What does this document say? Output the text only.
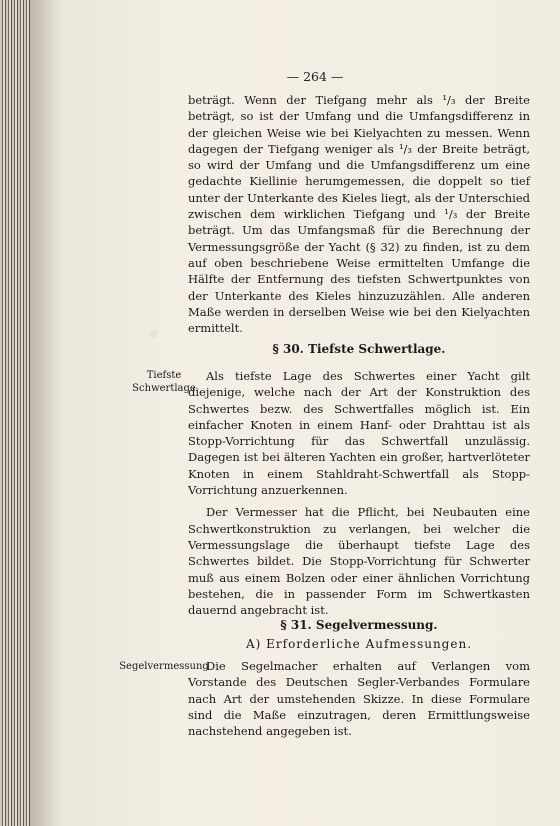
— 264 —

beträgt. Wenn der Tiefgang mehr als ¹/₃ der Breite beträgt, so ist der Umfang und die Umfangsdifferenz in der gleichen Weise wie bei Kielyachten zu messen. Wenn dagegen der Tiefgang weniger als ¹/₃ der Breite beträgt, so wird der Umfang und die Umfangsdifferenz um eine gedachte Kiellinie herumgemessen, die doppelt so tief unter der Unterkante des Kieles liegt, als der Unterschied zwischen dem wirklichen Tiefgang und ¹/₃ der Breite beträgt. Um das Umfangsmaß für die Berechnung der Vermessungsgröße der Yacht (§ 32) zu finden, ist zu dem auf oben beschriebene Weise ermittelten Umfange die Hälfte der Entfernung des tiefsten Schwertpunktes von der Unterkante des Kieles hinzuzuzählen. Alle anderen Maße werden in derselben Weise wie bei den Kielyachten ermittelt.

§ 30. Tiefste Schwertlage.
Tiefste Schwertlage

Als tiefste Lage des Schwertes einer Yacht gilt diejenige, welche nach der Art der Konstruktion des Schwertes bezw. des Schwertfalles möglich ist. Ein einfacher Knoten in einem Hanf- oder Drahttau ist als Stopp-Vorrichtung für das Schwertfall unzulässig. Dagegen ist bei älteren Yachten ein großer, hartverlöteter Knoten in einem Stahldraht-Schwertfall als Stopp-Vorrichtung anzuerkennen.

Der Vermesser hat die Pflicht, bei Neubauten eine Schwertkonstruktion zu verlangen, bei welcher die Vermessungslage die überhaupt tiefste Lage des Schwertes bildet. Die Stopp-Vorrichtung für Schwerter muß aus einem Bolzen oder einer ähnlichen Vorrichtung bestehen, die in passender Form im Schwertkasten dauernd angebracht ist.

§ 31. Segelvermessung.
A) Erforderliche Aufmessungen.
Segelvermessung

Die Segelmacher erhalten auf Verlangen vom Vorstande des Deutschen Segler-Verbandes Formulare nach Art der umstehenden Skizze. In diese Formulare sind die Maße einzutragen, deren Ermittlungsweise nachstehend angegeben ist.
